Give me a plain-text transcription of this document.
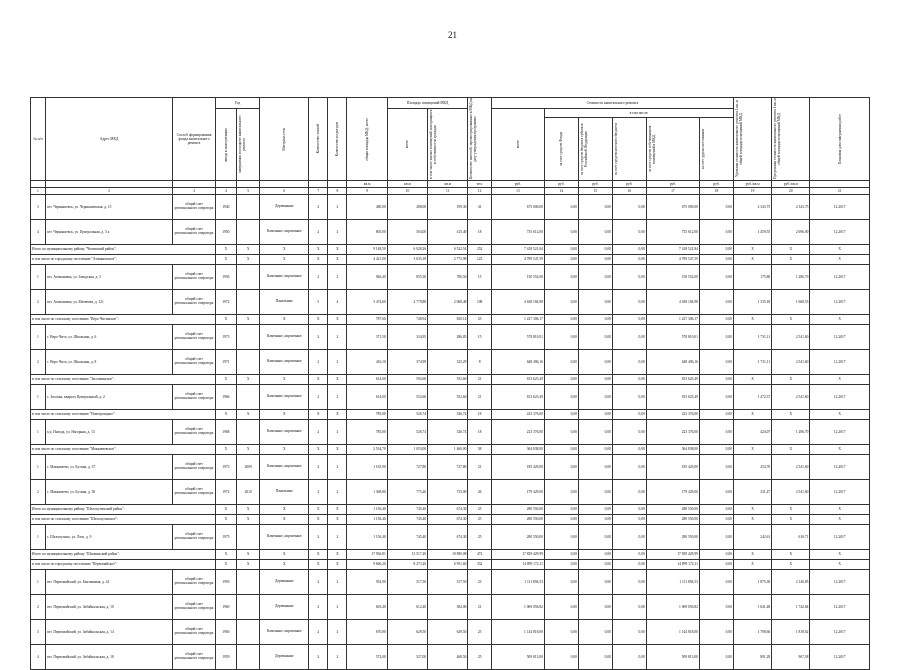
21
№ п/п	Адрес МКД	Способ формирования фонда капитального ремонта	Год		Материал стен	Количество этажей	Количество подъездов	общая площадь МКД, всего	Площадь помещений МКД		Количество жителей, зарегистрированных в МКД на дату утверждения программы	Стоимость капитального ремонта						Удельная стоимость капитального ремонта 1 кв. м общей площади помещений МКД	Предельная стоимость капитального ремонта 1 кв. м общей площади помещений МКД	Плановая дата завершения работ

			ввода в эксплуатацию	завершения последнего капитального ремонта					всего	в том числе жилых помещений, находящихся в собственности граждан		всего	в том числе:							

													за счет средств Фонда	за счет средств бюджета субъекта Российской Федерации	за счет средств местного бюджета	за счет средств собственников помещений в МКД	за счет других источников			

								кв.м	кв.м	кв.м	чел.	руб.	руб.	руб.	руб.	руб.	руб.	руб./кв.м	руб./кв.м	
1	2	3	4	5	6	7	8	9	10	11	12	13	14	15	16	17	18	19	20	21
3	пгт. Чернышевск, ул. Чернышевская, д. 15	общий счет регионального оператора	1940		Деревянные	2	2	480,00	288,00	199,30	41	675 000,00	0,00	0,00	0,00	675 000,00	0,00	2 343,75	2 343,75	12.2017
4	пгт. Чернышевск, ул. Центральная, д. 5 а	общий счет регионального оператора	1950		Каменные, кирпичные	2	2	805,00	504,00	415,40	18	735 612,00	0,00	0,00	0,00	735 612,00	0,00	1 459,55	2 696,00	12.2017
Итого по муниципальному району "Читинский район":			X	X	X	X	X	9 148,50	6 928,26	6 522,54	252	7 418 521,84	0,00	0,00	0,00	7 418 521,84	0,00	X	X	X
в том числе по городскому поселению "Атамановское":			X	X	X	X	X	4 421,00	3 635,18	2 773,98	123	4 789 547,59	0,00	0,00	0,00	4 789 547,59	0,00	X	X	X
1	пгт. Атамановка, ул. Заводская, д. 3	общий счет регионального оператора	1956		Каменные, кирпичные	2	2	946,40	855,30	706,50	15	150 552,00	0,00	0,00	0,00	150 552,00	0,00	175,80	1 286,70	12.2017
2	пгт. Атамановка, ул. Матвеева, д. 121	общий счет регионального оператора	1972		Панельные	5	4	3 474,60	2 779,88	2 068,48	108	4 638 184,98	0,00	0,00	0,00	4 638 184,98	0,00	1 335,18	1 668,55	12.2017
в том числе по сельскому поселению "Верх-Читинское":			X	X	X	X	X	787,60	748,94	650,14	23	1 227 306,17	0,00	0,00	0,00	1 227 306,17	0,00	X	X	X
1	с. Верх-Чита, ул. Школьная, д. 6	общий счет регионального оператора	1973		Каменные, кирпичные	2	2	371,50	334,95	286,85	15	578 810,01	0,00	0,00	0,00	578 810,01	0,00	1 731,11	2 541,60	12.2017
2	с. Верх-Чита, ул. Школьная, д. 8	общий счет регионального оператора	1971		Каменные, кирпичные	2	2	416,10	374,99	323,29	8	648 496,16	0,00	0,00	0,00	648 496,16	0,00	1 731,11	2 541,60	12.2017
в том числе по сельскому поселению "Засопкинское":			X	X	X	X	X	614,00	592,60	552,60	21	813 625,49	0,00	0,00	0,00	813 625,49	0,00	X	X	X
1	с. Засопка, квартал Центральный, д. 2	общий счет регионального оператора	1966		Каменные, кирпичные	2	2	614,00	552,60	552,60	21	813 625,49	0,00	0,00	0,00	813 625,49	0,00	1 472,37	2 541,60	12.2017
в том числе по сельскому поселению "Новотроицкое":			X	X	X	X	X	785,00	526,74	526,74	18	223 376,00	0,00	0,00	0,00	223 376,00	0,00	X	X	X
1	х/д. Ингода, ул. Нагорная, д. 13	общий счет регионального оператора	1968		Каменные, кирпичные	2	2	785,00	526,74	526,74	18	223 376,00	0,00	0,00	0,00	223 376,00	0,00	424,07	1 286,70	12.2017
в том числе по сельскому поселению "Маккавеевское":			X	X	X	X	X	2 534,70	1 053,00	1 460,00	58	364 838,00	0,00	0,00	0,00	364 838,00	0,00	X	X	X
1	с. Маккавеево, ул. Бутина, д. 37	общий счет регионального оператора	1973	2009	Каменные, кирпичные	2	2	1 165,90	727,80	727,80	21	185 429,00	0,00	0,00	0,00	185 429,00	0,00	254,78	2 541,60	12.2017
2	с. Маккавеево, ул. Бутина, д. 50	общий счет регионального оператора	1972	2010	Панельные	2	2	1 368,80	775,20	733,00	26	179 429,00	0,00	0,00	0,00	179 429,00	0,00	231,47	2 541,60	12.2017
Итого по муниципальному району "Шелопугинский район":			X	X	X	X	X	1 156,40	745,40	674,30	25	280 550,00	0,00	0,00	0,00	280 550,00	0,00	X	X	X
в том числе по сельскому поселению "Шелопугинское":			X	X	X	X	X	1 156,40	745,40	674,30	25	280 550,00	0,00	0,00	0,00	280 550,00	0,00	X	X	X
1	с. Шелопугино, ул. Лазо, д. 9	общий счет регионального оператора	1975		Каменные, кирпичные	2	2	1 156,40	745,40	674,30	25	280 550,00	0,00	0,00	0,00	280 550,00	0,00	242,61	616,71	12.2017
Итого по муниципальному району "Шилкинский район":			X	X	X	X	X	17 936,81	13 517,20	10 890,08	472	17 839 429,99	0,00	0,00	0,00	17 839 429,99	0,00	X	X	X
в том числе по городскому поселению "Первомайское":			X	X	X	X	X	9 666,20	8 273,20	6 951,60	332	14 899 172,11	0,00	0,00	0,00	14 899 172,11	0,00	X	X	X
1	пгт. Первомайский, ул. Бензиновая, д. 24	общий счет регионального оператора	1959		Деревянные	2	2	592,90	517,50	517,50	23	1 111 894,53	0,00	0,00	0,00	1 111 894,53	0,00	1 875,30	2 146,85	12.2017
2	пгт. Первомайский, ул. Забайкальская, д. 10	общий счет регионального оператора	1960		Деревянные	2	2	603,40	612,40	584,00	21	1 069 056,82	0,00	0,00	0,00	1 069 056,82	0,00	1 641,48	1 742,84	12.2017
3	пгт. Первомайский, ул. Забайкальская, д. 14	общий счет регионального оператора	1960		Каменные, кирпичные	2	2	670,00	629,50	629,50	25	1 144 818,00	0,00	0,00	0,00	1 144 818,00	0,00	1 708,66	1 818,62	12.2017
4	пгт. Первомайский, ул. Забайкальская, д. 18	общий счет регионального оператора	1959		Деревянные	2	2	572,00	527,00	468,50	25	509 813,00	0,00	0,00	0,00	509 813,00	0,00	891,28	967,38	12.2017
